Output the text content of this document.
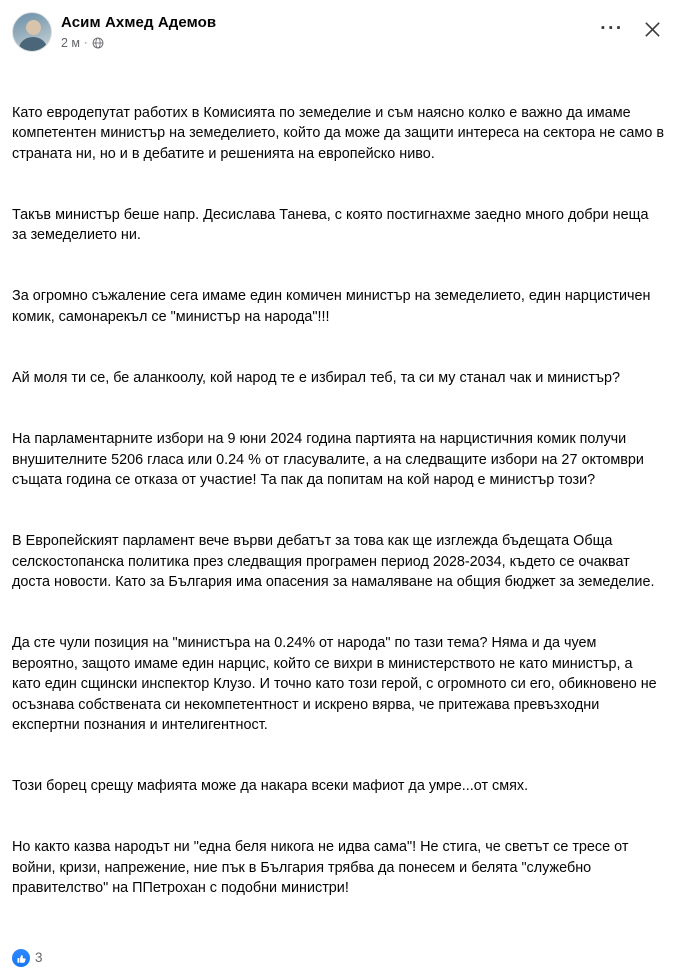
Асим Ахмед Адемов
2 м ·
···

Като евродепутат работих в Комисията по земеделие и съм наясно колко е важно да имаме компетентен министър на земеделието, който да може да защити интереса на сектора не само в страната ни, но и в дебатите и решенията на европейско ниво.

Такъв министър беше напр. Десислава Танева, с която постигнахме заедно много добри неща за земеделието ни.

За огромно съжаление сега имаме един комичен министър на земеделието, един нарцистичен комик, самонарекъл се "министър на народа"!!!

Ай моля ти се, бе аланкоолу, кой народ те е избирал теб, та си му станал чак и министър?

На парламентарните избори на 9 юни 2024 година партията на нарцистичния комик получи внушителните 5206 гласа или 0.24 % от гласувалите, а на следващите избори на 27 октомври същата година се отказа от участие! Та пак да попитам на кой народ е министър този?

В Европейският парламент вече върви дебатът за това как ще изглежда бъдещата Обща селскостопанска политика през следващия програмен период 2028-2034, където се очакват доста новости. Като за България има опасения за намаляване на общия бюджет за земеделие.

Да сте чули позиция на "министъра на 0.24% от народа" по тази тема? Няма и да чуем вероятно, защото имаме един нарцис, който се вихри в министерството не като министър, а като един сщински инспектор Клузо. И точно като този герой, с огромното си его, обикновено не осъзнава собствената си некомпетентност и искрено вярва, че притежава превъзходни експертни познания и интелигентност.

Този борец срещу мафията може да накара всеки мафиот да умре...от смях.

Но както казва народът ни "една беля никога не идва сама"! Не стига, че светът се тресе от войни, кризи, напрежение, ние пък в България трябва да понесем и белята "служебно правителство" на ППетрохан с подобни министри!

3
